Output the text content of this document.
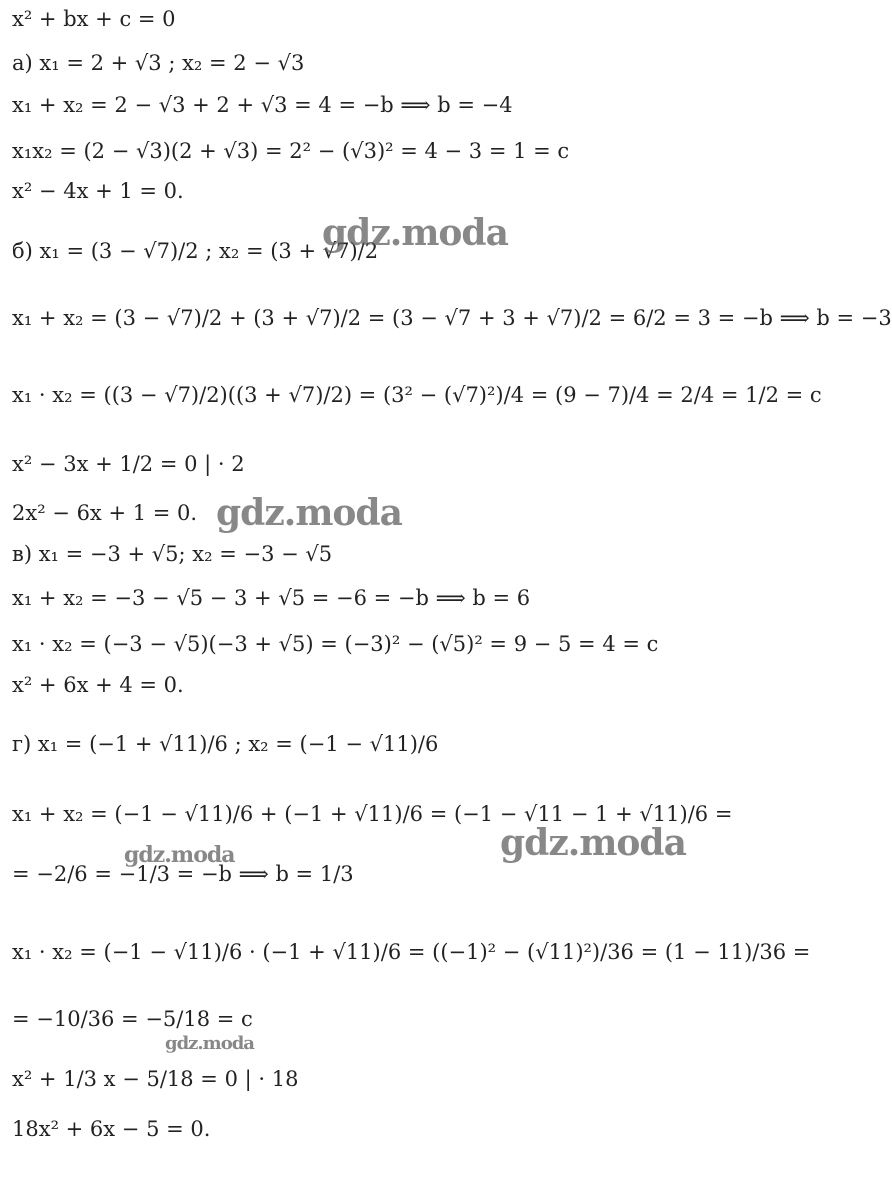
x² + bx + c = 0
а) x₁ = 2 + √3 ; x₂ = 2 − √3
x₁ + x₂ = 2 − √3 + 2 + √3 = 4 = −b ⟹ b = −4
x₁x₂ = (2 − √3)(2 + √3) = 2² − (√3)² = 4 − 3 = 1 = c
x² − 4x + 1 = 0.
б) x₁ = (3 − √7)/2 ; x₂ = (3 + √7)/2
x₁ + x₂ = (3 − √7)/2 + (3 + √7)/2 = (3 − √7 + 3 + √7)/2 = 6/2 = 3 = −b ⟹ b = −3
x₁ · x₂ = ((3 − √7)/2)((3 + √7)/2) = (3² − (√7)²)/4 = (9 − 7)/4 = 2/4 = 1/2 = c
x² − 3x + 1/2 = 0 | · 2
2x² − 6x + 1 = 0.
в) x₁ = −3 + √5; x₂ = −3 − √5
x₁ + x₂ = −3 − √5 − 3 + √5 = −6 = −b ⟹ b = 6
x₁ · x₂ = (−3 − √5)(−3 + √5) = (−3)² − (√5)² = 9 − 5 = 4 = c
x² + 6x + 4 = 0.
г) x₁ = (−1 + √11)/6 ; x₂ = (−1 − √11)/6
x₁ + x₂ = (−1 − √11)/6 + (−1 + √11)/6 = (−1 − √11 − 1 + √11)/6 =
= −2/6 = −1/3 = −b ⟹ b = 1/3
x₁ · x₂ = (−1 − √11)/6 · (−1 + √11)/6 = ((−1)² − (√11)²)/36 = (1 − 11)/36 =
= −10/36 = −5/18 = c
x² + 1/3 x − 5/18 = 0 | · 18
18x² + 6x − 5 = 0.
gdz.moda
gdz.moda
gdz.moda
gdz.moda
gdz.moda
